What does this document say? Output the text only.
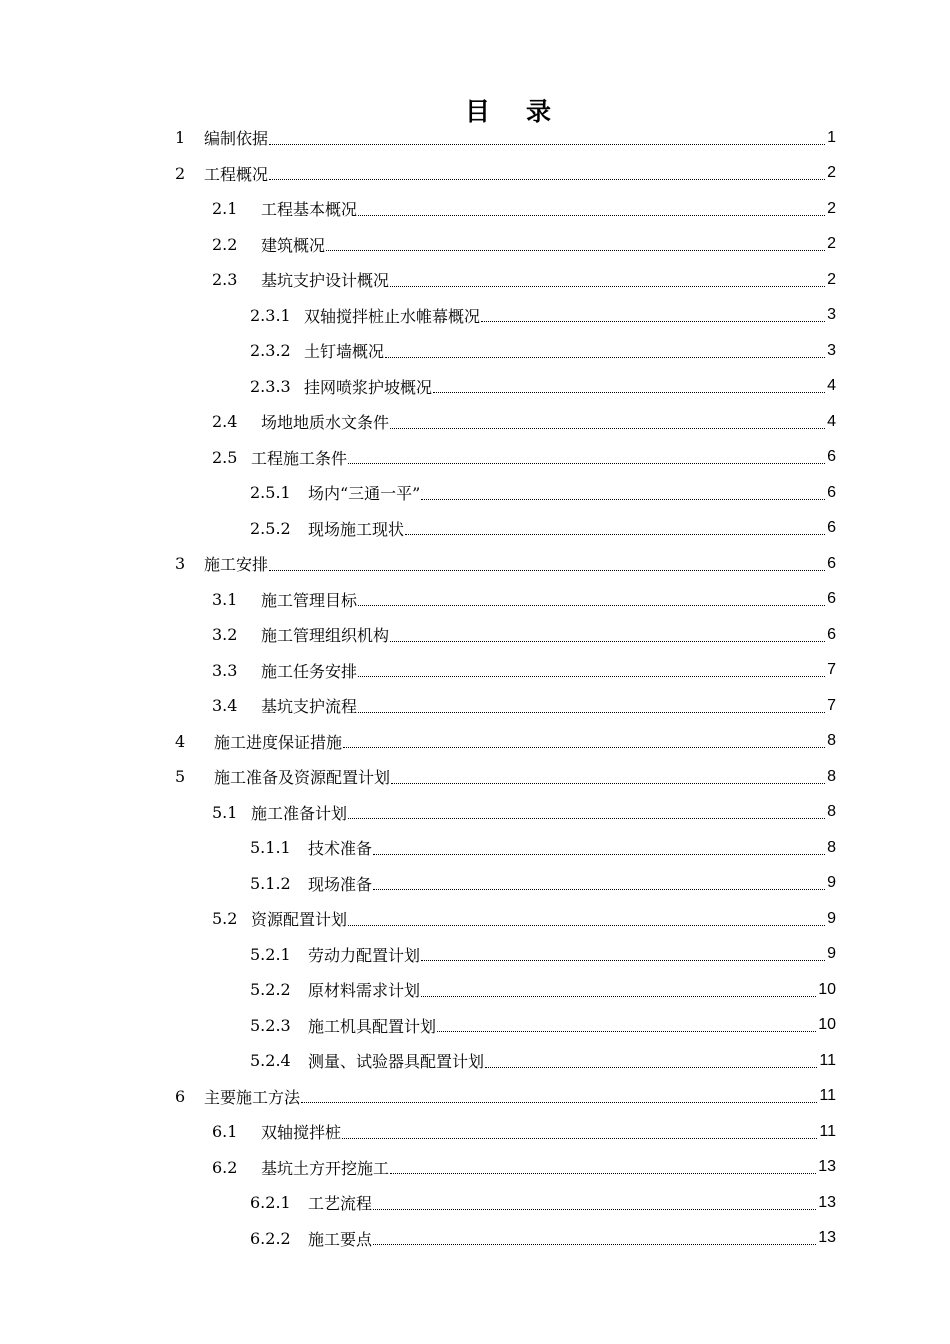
目 录
1	编制依据	1
2	工程概况	2
2.1	工程基本概况	2
2.2	建筑概况	2
2.3	基坑支护设计概况	2
2.3.1 双轴搅拌桩止水帷幕概况	3
2.3.2 土钉墙概况	3
2.3.3 挂网喷浆护坡概况	4
2.4	场地地质水文条件	4
2.5 工程施工条件	6
2.5.1	场内“三通一平”	6
2.5.2	现场施工现状	6
3	施工安排	6
3.1	施工管理目标	6
3.2	施工管理组织机构	6
3.3	施工任务安排	7
3.4	基坑支护流程	7
4	施工进度保证措施	8
5	施工准备及资源配置计划	8
5.1 施工准备计划	8
5.1.1	技术准备	8
5.1.2	现场准备	9
5.2 资源配置计划	9
5.2.1	劳动力配置计划	9
5.2.2	原材料需求计划	10
5.2.3	施工机具配置计划	10
5.2.4	测量、试验器具配置计划	11
6	主要施工方法	11
6.1	双轴搅拌桩	11
6.2	基坑土方开挖施工	13
6.2.1	工艺流程	13
6.2.2	施工要点	13
